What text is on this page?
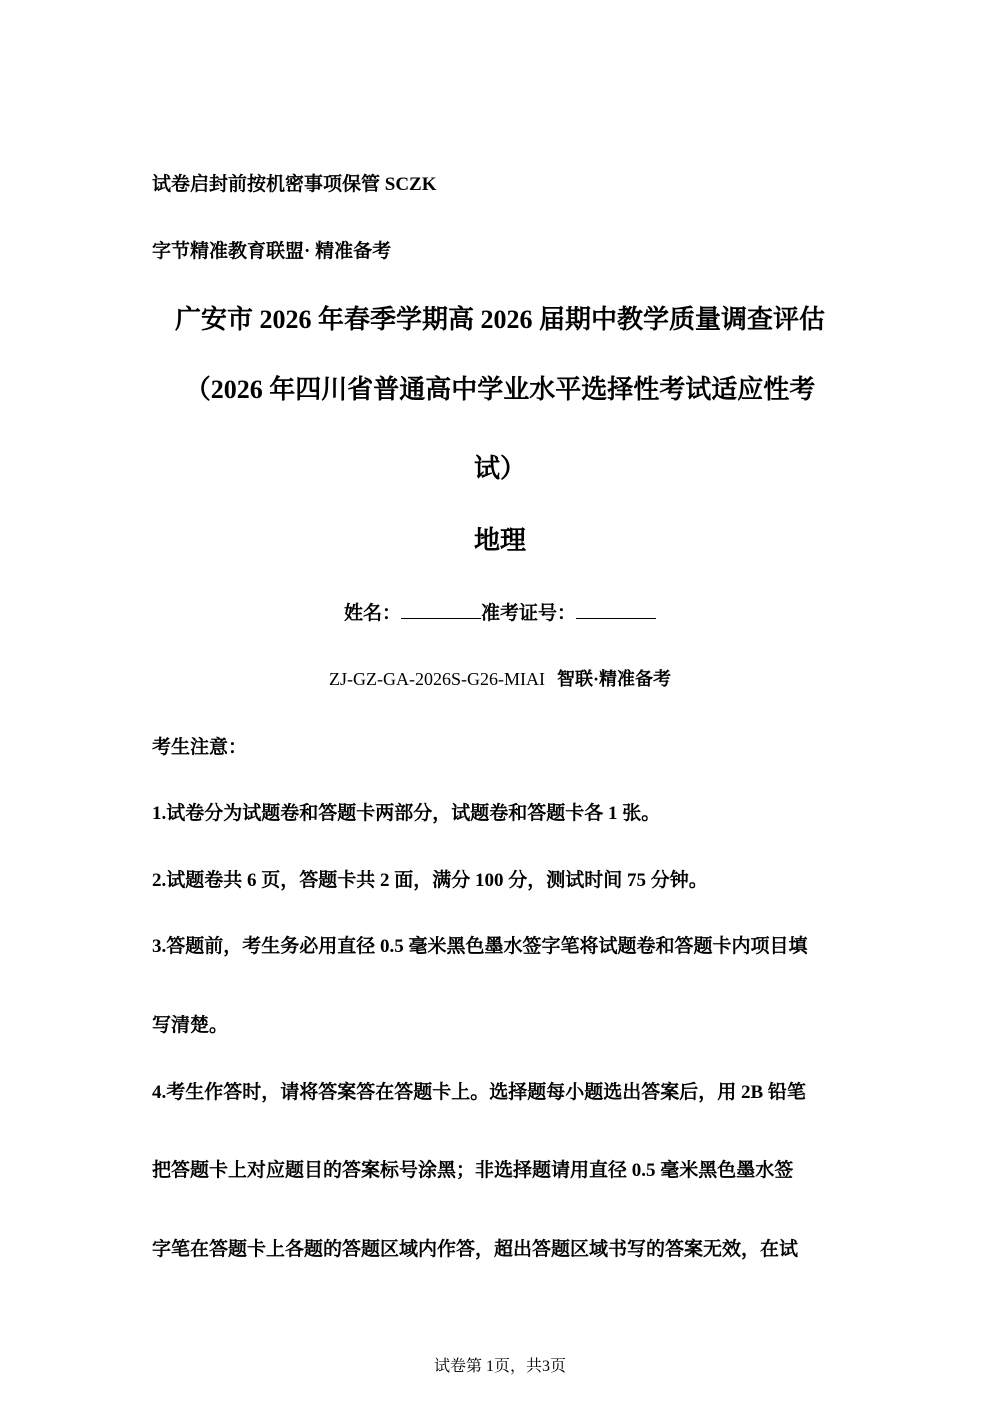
试卷启封前按机密事项保管 SCZK
字节精准教育联盟· 精准备考
广安市 2026 年春季学期高 2026 届期中教学质量调查评估
（2026 年四川省普通高中学业水平选择性考试适应性考
试）
地理
姓名：	准考证号：
ZJ-GZ-GA-2026S-G26-MIAI 智联·精准备考
考生注意：
1.试卷分为试题卷和答题卡两部分，试题卷和答题卡各 1 张。
2.试题卷共 6 页，答题卡共 2 面，满分 100 分，测试时间 75 分钟。
3.答题前，考生务必用直径 0.5 毫米黑色墨水签字笔将试题卷和答题卡内项目填
写清楚。
4.考生作答时，请将答案答在答题卡上。选择题每小题选出答案后，用 2B 铅笔
把答题卡上对应题目的答案标号涂黑；非选择题请用直径 0.5 毫米黑色墨水签
字笔在答题卡上各题的答题区域内作答，超出答题区域书写的答案无效，在试
试卷第 1页，共3页
